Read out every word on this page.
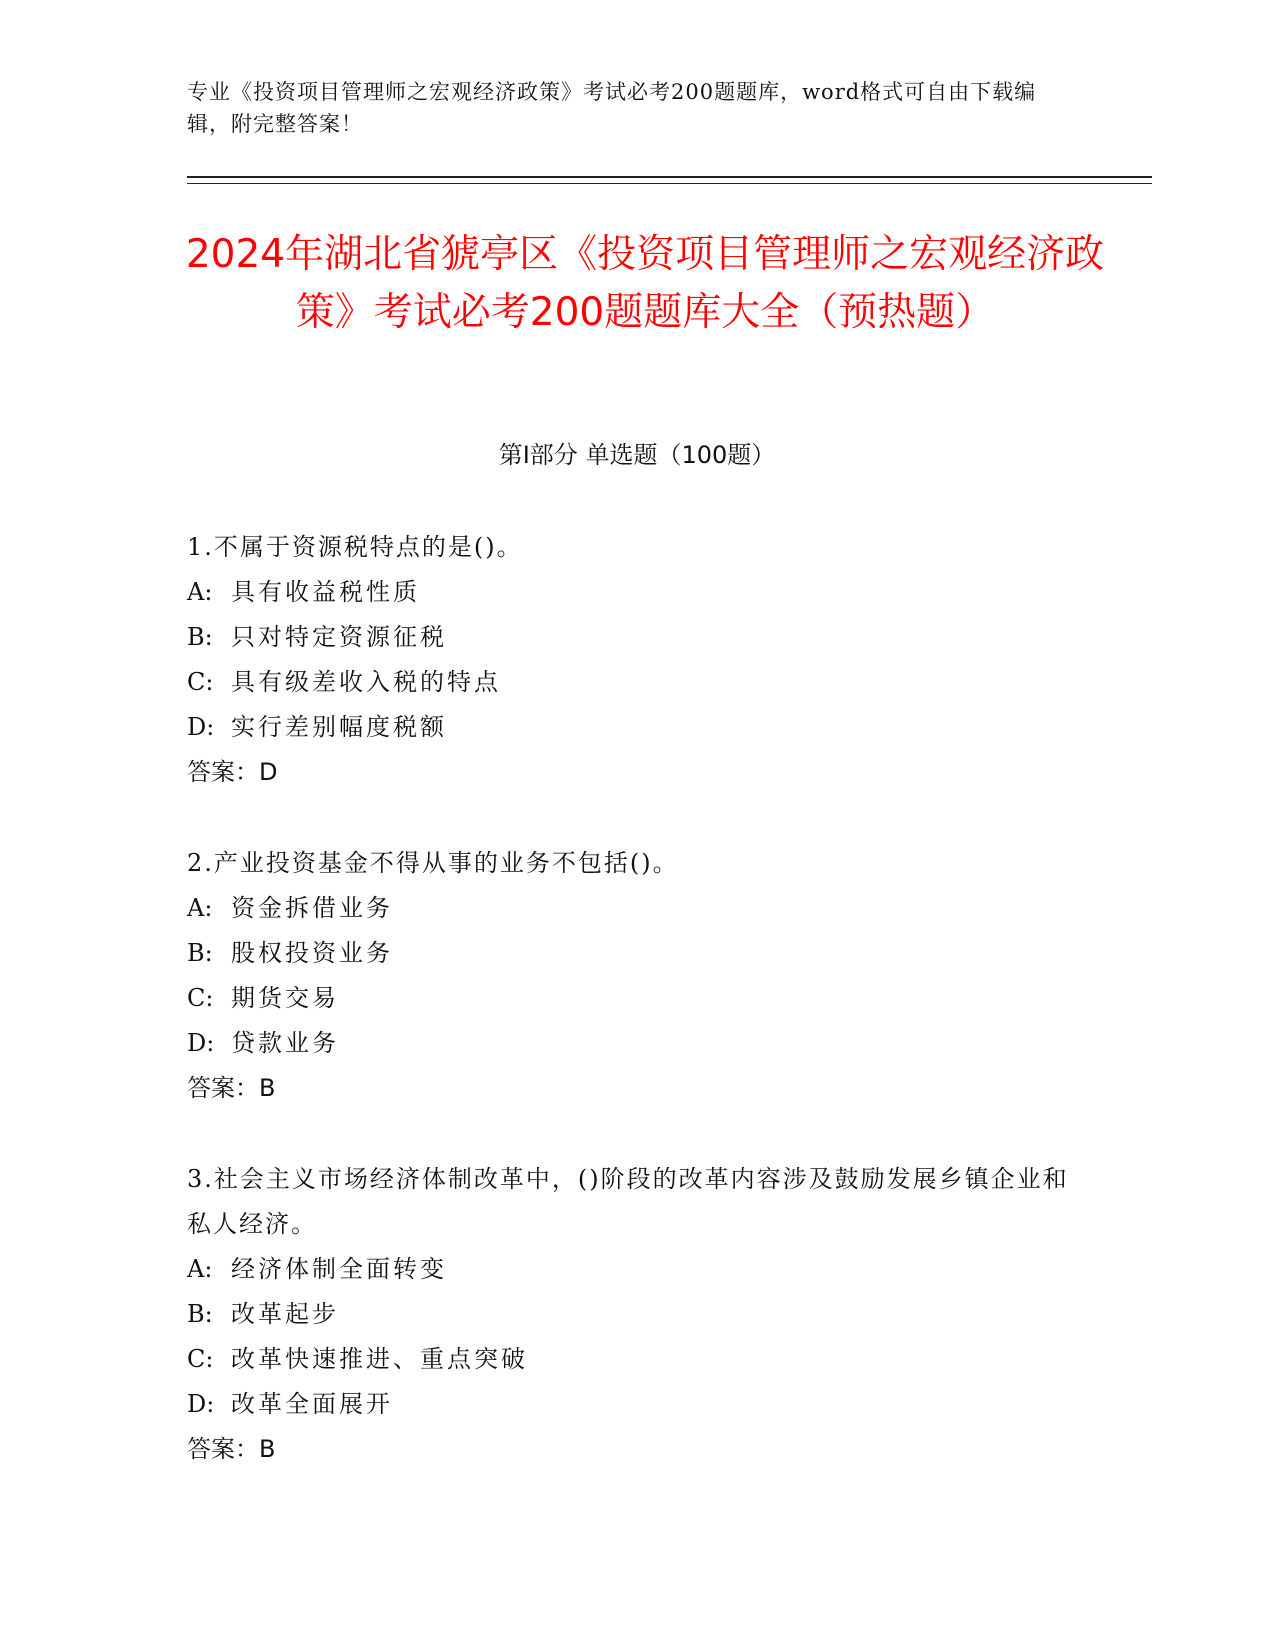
专业《投资项目管理师之宏观经济政策》考试必考200题题库，word格式可自由下载编辑，附完整答案！
2024年湖北省猇亭区《投资项目管理师之宏观经济政策》考试必考200题题库大全（预热题）
第I部分 单选题（100题）
1.不属于资源税特点的是()。
A: 具有收益税性质
B: 只对特定资源征税
C: 具有级差收入税的特点
D: 实行差别幅度税额
答案：D
2.产业投资基金不得从事的业务不包括()。
A: 资金拆借业务
B: 股权投资业务
C: 期货交易
D: 贷款业务
答案：B
3.社会主义市场经济体制改革中，()阶段的改革内容涉及鼓励发展乡镇企业和私人经济。
A: 经济体制全面转变
B: 改革起步
C: 改革快速推进、重点突破
D: 改革全面展开
答案：B
